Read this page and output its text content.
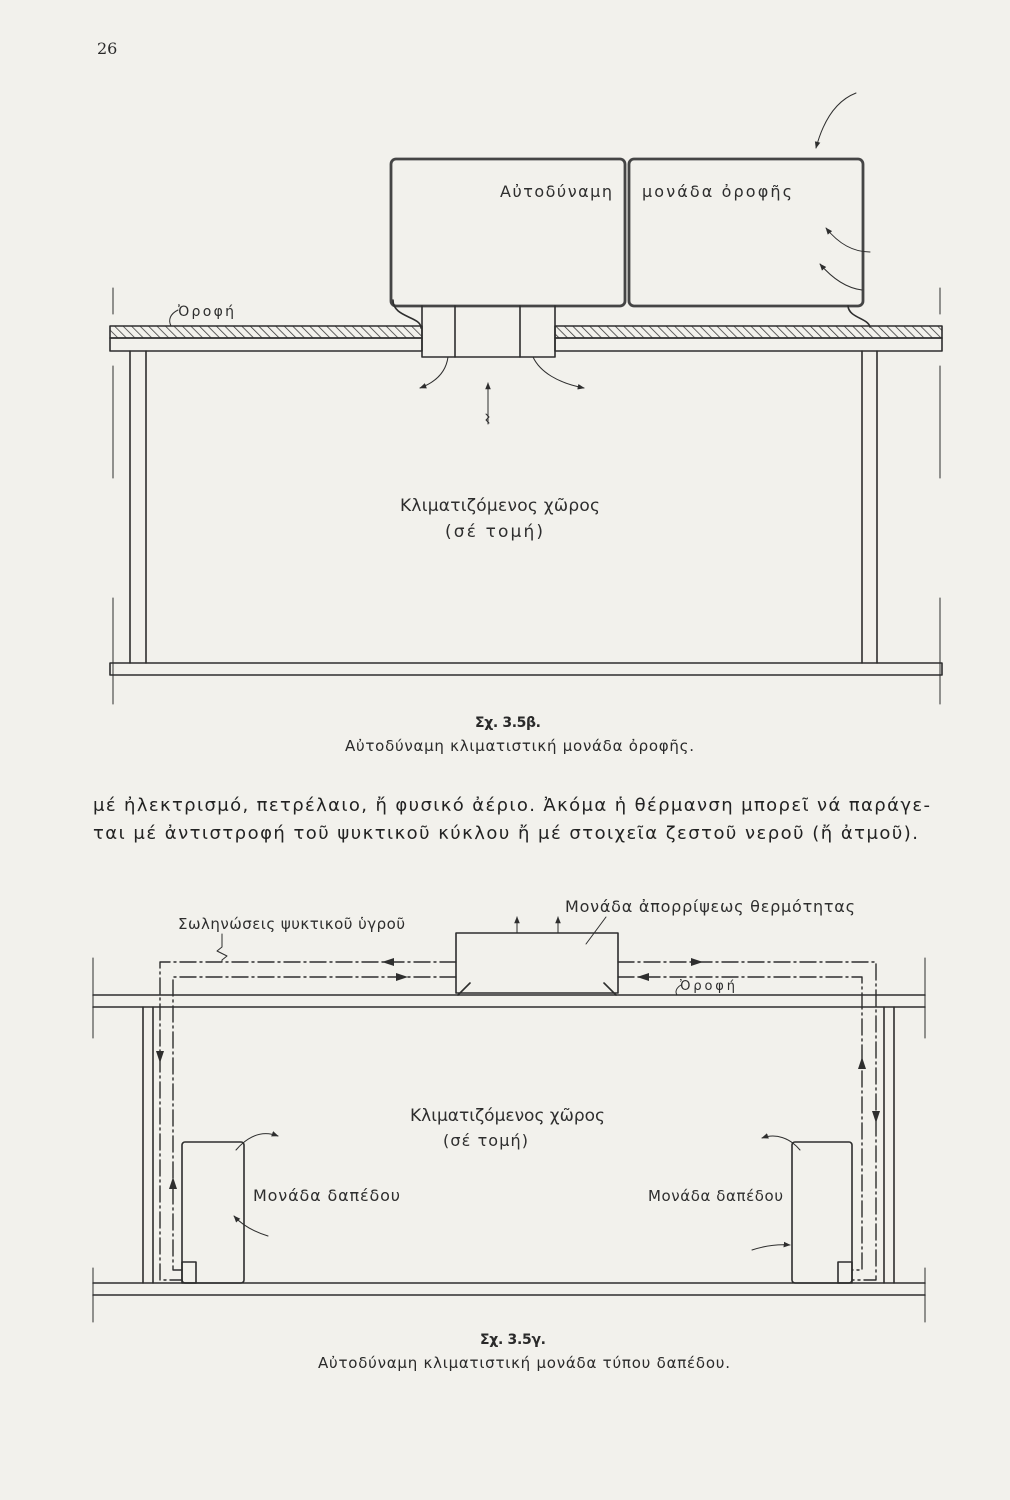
26
Αὐτοδύναμη μονάδα ὀροφῆς
Ὀροφή
Κλιματιζόμενος χῶρος
(σέ τομή)
Σχ. 3.5β.
Αὐτοδύναμη κλιματιστική μονάδα ὀροφῆς.
μέ ἠλεκτρισμό, πετρέλαιο, ἤ φυσικό ἀέριο. Ἀκόμα ἡ θέρμανση μπορεῖ νά παράγε-
ται μέ ἀντιστροφή τοῦ ψυκτικοῦ κύκλου ἤ μέ στοιχεῖα ζεστοῦ νεροῦ (ἤ ἀτμοῦ).
Μονάδα ἀπορρίψεως θερμότητας
Σωληνώσεις ψυκτικοῦ ὑγροῦ
Ὀροφή
Κλιματιζόμενος χῶρος
(σέ τομή)
Μονάδα δαπέδου	Μονάδα δαπέδου
Σχ. 3.5γ.
Αὐτοδύναμη κλιματιστική μονάδα τύπου δαπέδου.
